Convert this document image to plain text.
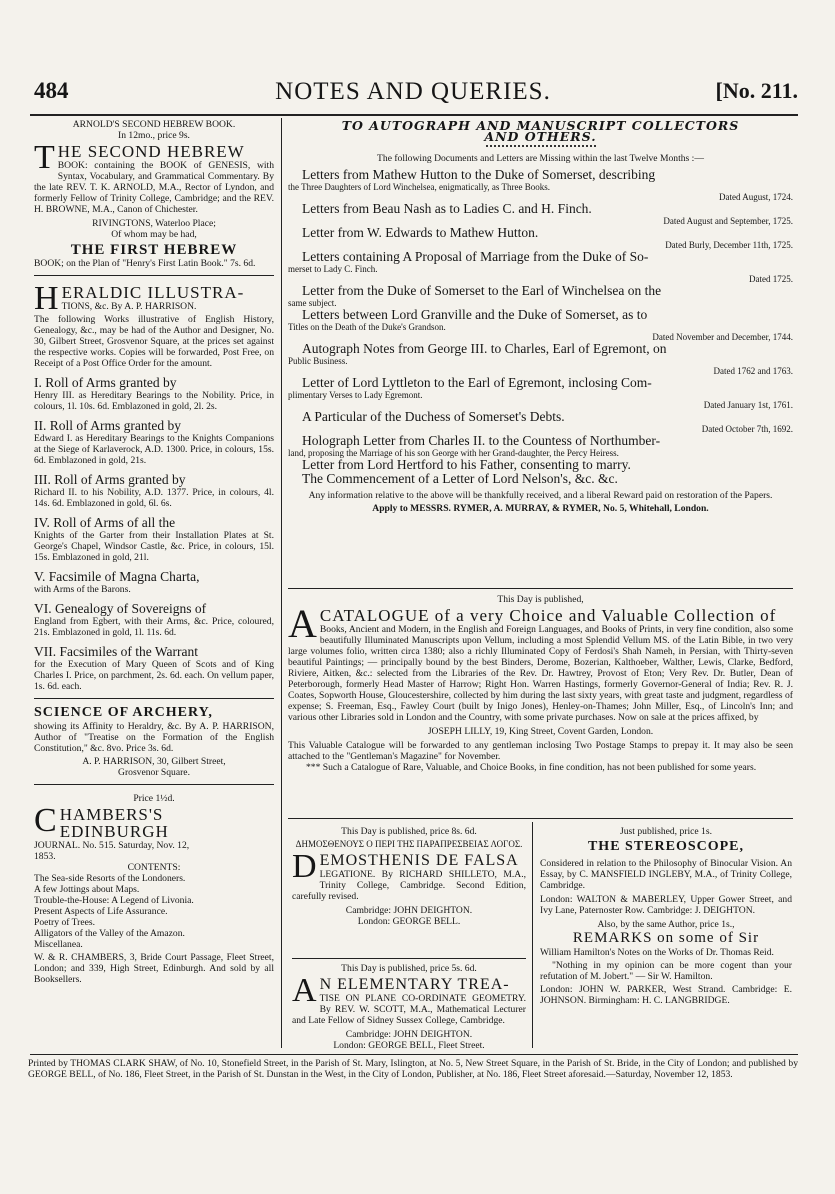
484	NOTES AND QUERIES.	[No. 211.

ARNOLD'S SECOND HEBREW BOOK.

In 12mo., price 9s.

THE SECOND HEBREW
BOOK: containing the BOOK of GENESIS, with Syntax, Vocabulary, and Grammatical Commentary. By the late REV. T. K. ARNOLD, M.A., Rector of Lyndon, and formerly Fellow of Trinity College, Cambridge; and the REV. H. BROWNE, M.A., Canon of Chichester.

RIVINGTONS, Waterloo Place;

Of whom may be had,

THE FIRST HEBREW

BOOK; on the Plan of "Henry's First Latin Book." 7s. 6d.

HERALDIC ILLUSTRA-
TIONS, &c. By A. P. HARRISON.

The following Works illustrative of English History, Genealogy, &c., may be had of the Author and Designer, No. 30, Gilbert Street, Grosvenor Square, at the prices set against the respective works. Copies will be forwarded, Post Free, on Receipt of a Post Office Order for the amount.

I. Roll of Arms granted by

Henry III. as Hereditary Bearings to the Nobility. Price, in colours, 1l. 10s. 6d. Emblazoned in gold, 2l. 2s.

II. Roll of Arms granted by

Edward I. as Hereditary Bearings to the Knights Companions at the Siege of Karlaverock, A.D. 1300. Price, in colours, 15s. 6d. Emblazoned in gold, 21s.

III. Roll of Arms granted by

Richard II. to his Nobility, A.D. 1377. Price, in colours, 4l. 14s. 6d. Emblazoned in gold, 6l. 6s.

IV. Roll of Arms of all the

Knights of the Garter from their Installation Plates at St. George's Chapel, Windsor Castle, &c. Price, in colours, 15l. 15s. Emblazoned in gold, 21l.

V. Facsimile of Magna Charta,

with Arms of the Barons.

VI. Genealogy of Sovereigns of

England from Egbert, with their Arms, &c. Price, coloured, 21s. Emblazoned in gold, 1l. 11s. 6d.

VII. Facsimiles of the Warrant

for the Execution of Mary Queen of Scots and of King Charles I. Price, on parchment, 2s. 6d. each. On vellum paper, 1s. 6d. each.

SCIENCE OF ARCHERY,

showing its Affinity to Heraldry, &c. By A. P. HARRISON, Author of "Treatise on the Formation of the English Constitution," &c. 8vo. Price 3s. 6d.

A. P. HARRISON, 30, Gilbert Street,

Grosvenor Square.

Price 1½d.

CHAMBERS'S EDINBURGH
JOURNAL. No. 515. Saturday, Nov. 12,

1853.

CONTENTS:

The Sea-side Resorts of the Londoners.

A few Jottings about Maps.

Trouble-the-House: A Legend of Livonia.

Present Aspects of Life Assurance.

Poetry of Trees.

Alligators of the Valley of the Amazon.

Miscellanea.

W. & R. CHAMBERS, 3, Bride Court Passage, Fleet Street, London; and 339, High Street, Edinburgh. And sold by all Booksellers.

TO AUTOGRAPH AND MANUSCRIPT COLLECTORS

AND OTHERS.

The following Documents and Letters are Missing within the last Twelve Months :—

Letters from Mathew Hutton to the Duke of Somerset, describing

the Three Daughters of Lord Winchelsea, enigmatically, as Three Books.

Dated August, 1724.

Letters from Beau Nash as to Ladies C. and H. Finch.

Dated August and September, 1725.

Letter from W. Edwards to Mathew Hutton.

Dated Burly, December 11th, 1725.

Letters containing A Proposal of Marriage from the Duke of So-

merset to Lady C. Finch.

Dated 1725.

Letter from the Duke of Somerset to the Earl of Winchelsea on the

same subject.

Letters between Lord Granville and the Duke of Somerset, as to

Titles on the Death of the Duke's Grandson.

Dated November and December, 1744.

Autograph Notes from George III. to Charles, Earl of Egremont, on

Public Business.

Dated 1762 and 1763.

Letter of Lord Lyttleton to the Earl of Egremont, inclosing Com-

plimentary Verses to Lady Egremont.

Dated January 1st, 1761.

A Particular of the Duchess of Somerset's Debts.

Dated October 7th, 1692.

Holograph Letter from Charles II. to the Countess of Northumber-

land, proposing the Marriage of his son George with her Grand-daughter, the Percy Heiress.

Letter from Lord Hertford to his Father, consenting to marry.

The Commencement of a Letter of Lord Nelson's, &c. &c.

Any information relative to the above will be thankfully received, and a liberal Reward paid on restoration of the Papers.

Apply to MESSRS. RYMER, A. MURRAY, & RYMER, No. 5, Whitehall, London.

This Day is published,

ACATALOGUE of a very Choice and Valuable Collection of
Books, Ancient and Modern, in the English and Foreign Languages, and Books of Prints, in very fine condition, also some beautifully Illuminated Manuscripts upon Vellum, including a most Splendid Vellum MS. of the Latin Bible, in two very large volumes folio, written circa 1380; also a richly Illuminated Copy of Ferdosi's Shah Nameh, in Persian, with Thirty-seven beautiful Paintings; — principally bound by the best Binders, Derome, Bozerian, Kalthoeber, Walther, Lewis, Clarke, Bedford, Riviere, Aitken, &c.: selected from the Libraries of the Rev. Dr. Hawtrey, Provost of Eton; Very Rev. Dr. Butler, Dean of Peterborough, formerly Head Master of Harrow; Right Hon. Warren Hastings, formerly Governor-General of India; Rev. R. J. Coates, Sopworth House, Gloucestershire, collected by him during the last sixty years, with great taste and judgment, regardless of expense; S. Freeman, Esq., Fawley Court (built by Inigo Jones), Henley-on-Thames; John Miller, Esq., of Lincoln's Inn; and various other Libraries sold in London and the Country, with some private purchases. Now on sale at the prices affixed, by

JOSEPH LILLY, 19, King Street, Covent Garden, London.

This Valuable Catalogue will be forwarded to any gentleman inclosing Two Postage Stamps to prepay it. It may also be seen attached to the "Gentleman's Magazine" for November.

*** Such a Catalogue of Rare, Valuable, and Choice Books, in fine condition, has not been published for some years.

This Day is published, price 8s. 6d.

ΔΗΜΟΣΘΕΝΟΥΣ Ο ΠΕΡΙ ΤΗΣ ΠΑΡΑΠΡΕΣΒΕΙΑΣ ΛΟΓΟΣ.

DEMOSTHENIS DE FALSA
LEGATIONE. By RICHARD SHILLETO, M.A., Trinity College, Cambridge. Second Edition, carefully revised.

Cambridge: JOHN DEIGHTON.

London: GEORGE BELL.

This Day is published, price 5s. 6d.

A N ELEMENTARY TREA-
TISE ON PLANE CO-ORDINATE GEOMETRY. By REV. W. SCOTT, M.A., Mathematical Lecturer and Late Fellow of Sidney Sussex College, Cambridge.

Cambridge: JOHN DEIGHTON.

London: GEORGE BELL, Fleet Street.

Just published, price 1s.

THE STEREOSCOPE,

Considered in relation to the Philosophy of Binocular Vision. An Essay, by C. MANSFIELD INGLEBY, M.A., of Trinity College, Cambridge.

London: WALTON & MABERLEY, Upper Gower Street, and Ivy Lane, Paternoster Row. Cambridge: J. DEIGHTON.

Also, by the same Author, price 1s.,

REMARKS on some of Sir

William Hamilton's Notes on the Works of Dr. Thomas Reid.

"Nothing in my opinion can be more cogent than your refutation of M. Jobert." — Sir W. Hamilton.

London: JOHN W. PARKER, West Strand. Cambridge: E. JOHNSON. Birmingham: H. C. LANGBRIDGE.

Printed by THOMAS CLARK SHAW, of No. 10, Stonefield Street, in the Parish of St. Mary, Islington, at No. 5, New Street Square, in the Parish of St. Bride, in the City of London; and published by GEORGE BELL, of No. 186, Fleet Street, in the Parish of St. Dunstan in the West, in the City of London, Publisher, at No. 186, Fleet Street aforesaid.—Saturday, November 12, 1853.
